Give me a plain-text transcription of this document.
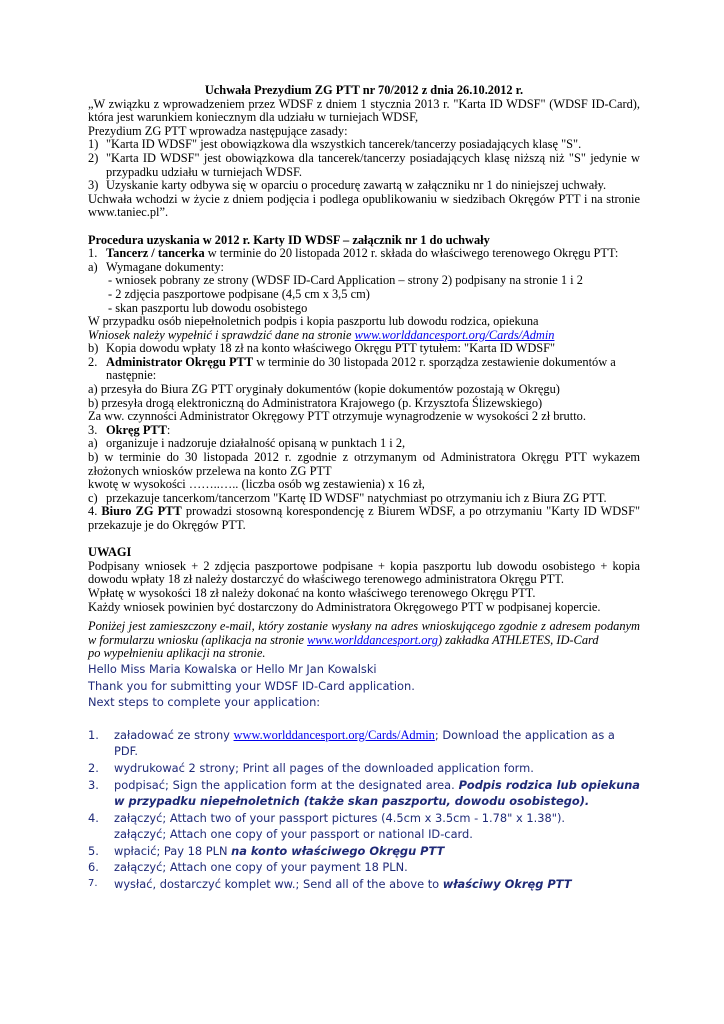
Uchwała Prezydium ZG PTT nr 70/2012 z dnia 26.10.2012 r.

„W związku z wprowadzeniem przez WDSF z dniem 1 stycznia 2013 r. "Karta ID WDSF" (WDSF ID-Card), która jest warunkiem koniecznym dla udziału w turniejach WDSF,

Prezydium ZG PTT wprowadza następujące zasady:

1) "Karta ID WDSF" jest obowiązkowa dla wszystkich tancerek/tancerzy posiadających klasę "S".
2) "Karta ID WDSF" jest obowiązkowa dla tancerek/tancerzy posiadających klasę niższą niż "S" jedynie w przypadku udziału w turniejach WDSF.
3) Uzyskanie karty odbywa się w oparciu o procedurę zawartą w załączniku nr 1 do niniejszej uchwały.

Uchwała wchodzi w życie z dniem podjęcia i podlega opublikowaniu w siedzibach Okręgów PTT i na stronie www.taniec.pl”.

Procedura uzyskania w 2012 r. Karty ID WDSF – załącznik nr 1 do uchwały

1. Tancerz / tancerka w terminie do 20 listopada 2012 r. składa do właściwego terenowego Okręgu PTT:
a) Wymagane dokumenty:

- wniosek pobrany ze strony (WDSF ID-Card Application – strony 2) podpisany na stronie 1 i 2

- 2 zdjęcia paszportowe podpisane (4,5 cm x 3,5 cm)

- skan paszportu lub dowodu osobistego

W przypadku osób niepełnoletnich podpis i kopia paszportu lub dowodu rodzica, opiekuna

Wniosek należy wypełnić i sprawdzić dane na stronie www.worlddancesport.org/Cards/Admin

b) Kopia dowodu wpłaty 18 zł na konto właściwego Okręgu PTT tytułem: "Karta ID WDSF"
2. Administrator Okręgu PTT w terminie do 30 listopada 2012 r. sporządza zestawienie dokumentów a następnie:

a) przesyła do Biura ZG PTT oryginały dokumentów (kopie dokumentów pozostają w Okręgu)

b) przesyła drogą elektroniczną do Administratora Krajowego (p. Krzysztofa Ślizewskiego)

Za ww. czynności Administrator Okręgowy PTT otrzymuje wynagrodzenie w wysokości 2 zł brutto.

3. Okręg PTT:
a) organizuje i nadzoruje działalność opisaną w punktach 1 i 2,

b) w terminie do 30 listopada 2012 r. zgodnie z otrzymanym od Administratora Okręgu PTT wykazem złożonych wniosków przelewa na konto ZG PTT

kwotę w wysokości ……..….. (liczba osób wg zestawienia) x 16 zł,

c) przekazuje tancerkom/tancerzom "Kartę ID WDSF" natychmiast po otrzymaniu ich z Biura ZG PTT.

4. Biuro ZG PTT prowadzi stosowną korespondencję z Biurem WDSF, a po otrzymaniu "Karty ID WDSF" przekazuje je do Okręgów PTT.

UWAGI

Podpisany wniosek + 2 zdjęcia paszportowe podpisane + kopia paszportu lub dowodu osobistego + kopia dowodu wpłaty 18 zł należy dostarczyć do właściwego terenowego administratora Okręgu PTT.

Wpłatę w wysokości 18 zł należy dokonać na konto właściwego terenowego Okręgu PTT.

Każdy wniosek powinien być dostarczony do Administratora Okręgowego PTT w podpisanej kopercie.

Poniżej jest zamieszczony e-mail, który zostanie wysłany na adres wnioskującego zgodnie z adresem podanym w formularzu wniosku (aplikacja na stronie www.worlddancesport.org) zakładka ATHLETES, ID-Card

po wypełnieniu aplikacji na stronie.

Hello Miss Maria Kowalska or Hello Mr Jan Kowalski

Thank you for submitting your WDSF ID-Card application.

Next steps to complete your application:

1.	załadować ze strony www.worlddancesport.org/Cards/Admin; Download the application as a PDF.
2.	wydrukować 2 strony; Print all pages of the downloaded application form.
3.	podpisać; Sign the application form at the designated area. Podpis rodzica lub opiekuna w przypadku niepełnoletnich (także skan paszportu, dowodu osobistego).
4.	załączyć; Attach two of your passport pictures (4.5cm x 3.5cm - 1.78" x 1.38").
załączyć; Attach one copy of your passport or national ID-card.
5.	wpłacić; Pay 18 PLN na konto właściwego Okręgu PTT
6.	załączyć; Attach one copy of your payment 18 PLN.
7.	wysłać, dostarczyć komplet ww.; Send all of the above to właściwy Okręg PTT
